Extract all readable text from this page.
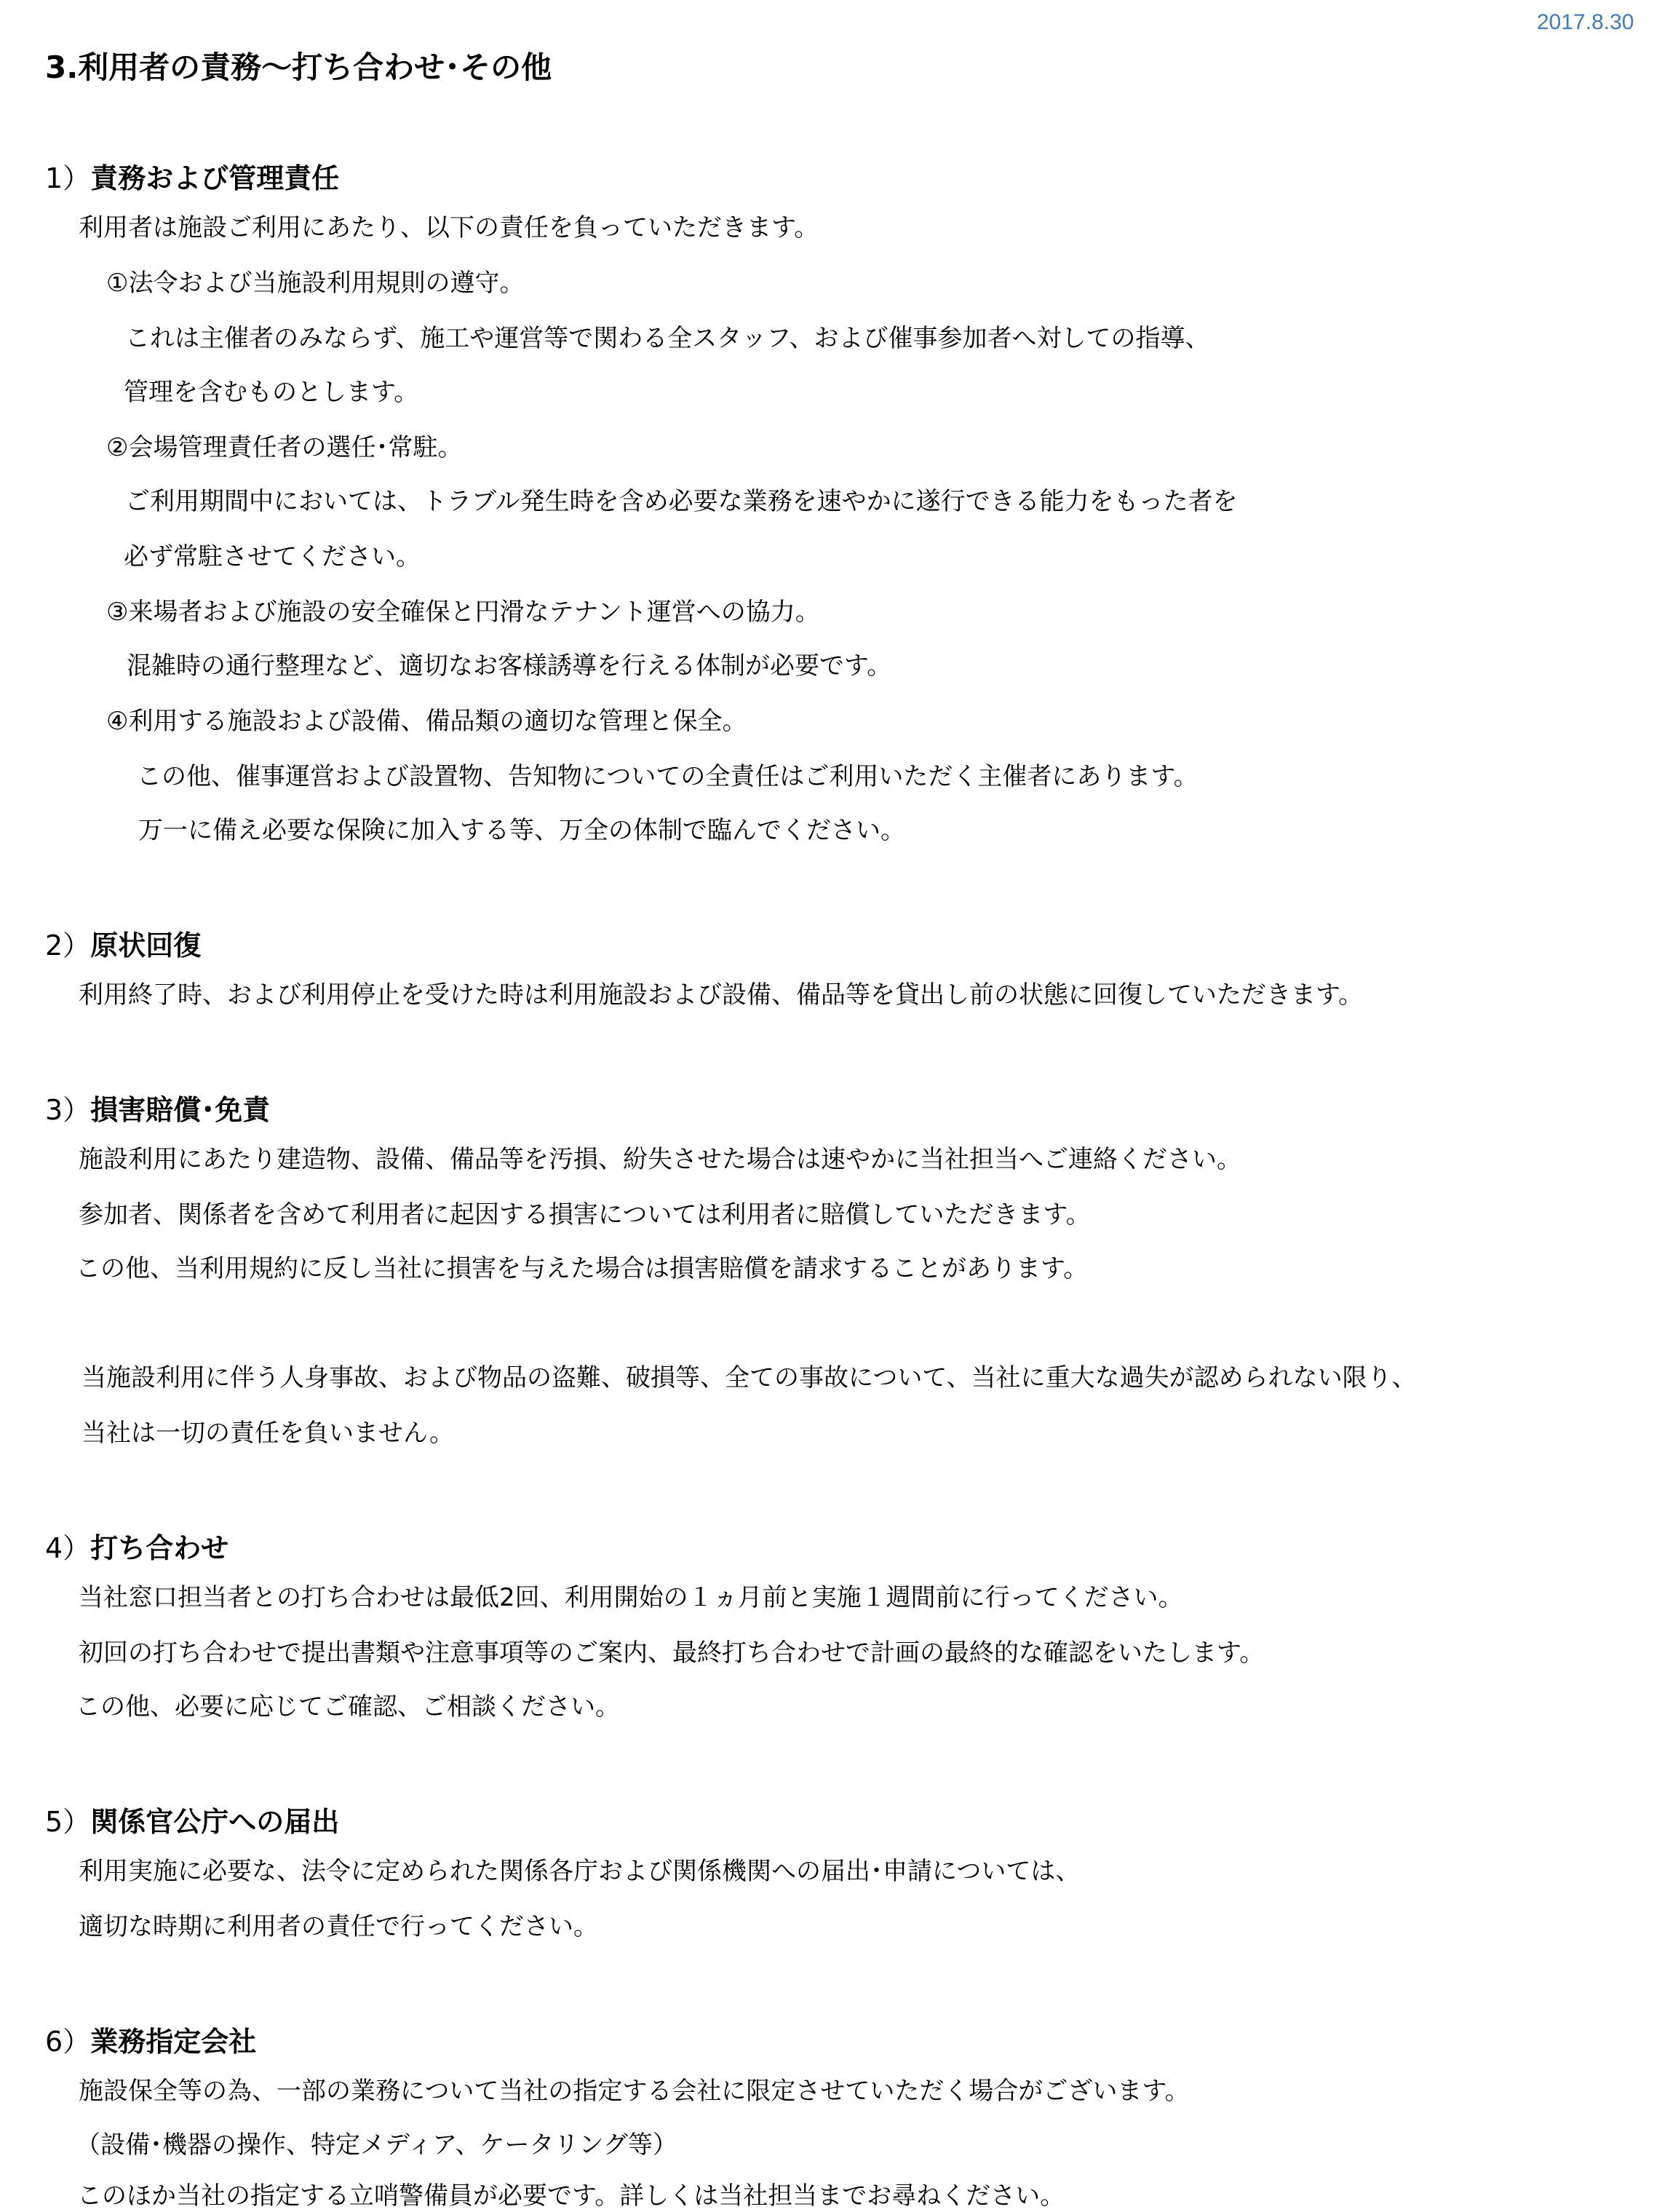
2017.8.30
3.利用者の責務～打ち合わせ･その他
1）責務および管理責任
利用者は施設ご利用にあたり、以下の責任を負っていただきます。
①法令および当施設利用規則の遵守。
これは主催者のみならず、施工や運営等で関わる全スタッフ、および催事参加者へ対しての指導、
管理を含むものとします。
②会場管理責任者の選任･常駐。
ご利用期間中においては、トラブル発生時を含め必要な業務を速やかに遂行できる能力をもった者を
必ず常駐させてください。
③来場者および施設の安全確保と円滑なテナント運営への協力。
混雑時の通行整理など、適切なお客様誘導を行える体制が必要です。
④利用する施設および設備、備品類の適切な管理と保全。
この他、催事運営および設置物、告知物についての全責任はご利用いただく主催者にあります。
万一に備え必要な保険に加入する等、万全の体制で臨んでください。
2）原状回復
利用終了時、および利用停止を受けた時は利用施設および設備、備品等を貸出し前の状態に回復していただきます。
3）損害賠償･免責
施設利用にあたり建造物、設備、備品等を汚損、紛失させた場合は速やかに当社担当へご連絡ください。
参加者、関係者を含めて利用者に起因する損害については利用者に賠償していただきます。
この他、当利用規約に反し当社に損害を与えた場合は損害賠償を請求することがあります。
当施設利用に伴う人身事故、および物品の盗難、破損等、全ての事故について、当社に重大な過失が認められない限り、
当社は一切の責任を負いません。
4）打ち合わせ
当社窓口担当者との打ち合わせは最低2回、利用開始の１ヵ月前と実施１週間前に行ってください。
初回の打ち合わせで提出書類や注意事項等のご案内、最終打ち合わせで計画の最終的な確認をいたします。
この他、必要に応じてご確認、ご相談ください。
5）関係官公庁への届出
利用実施に必要な、法令に定められた関係各庁および関係機関への届出･申請については、
適切な時期に利用者の責任で行ってください。
6）業務指定会社
施設保全等の為、一部の業務について当社の指定する会社に限定させていただく場合がございます。
（設備･機器の操作、特定メディア、ケータリング等）
このほか当社の指定する立哨警備員が必要です。詳しくは当社担当までお尋ねください。
